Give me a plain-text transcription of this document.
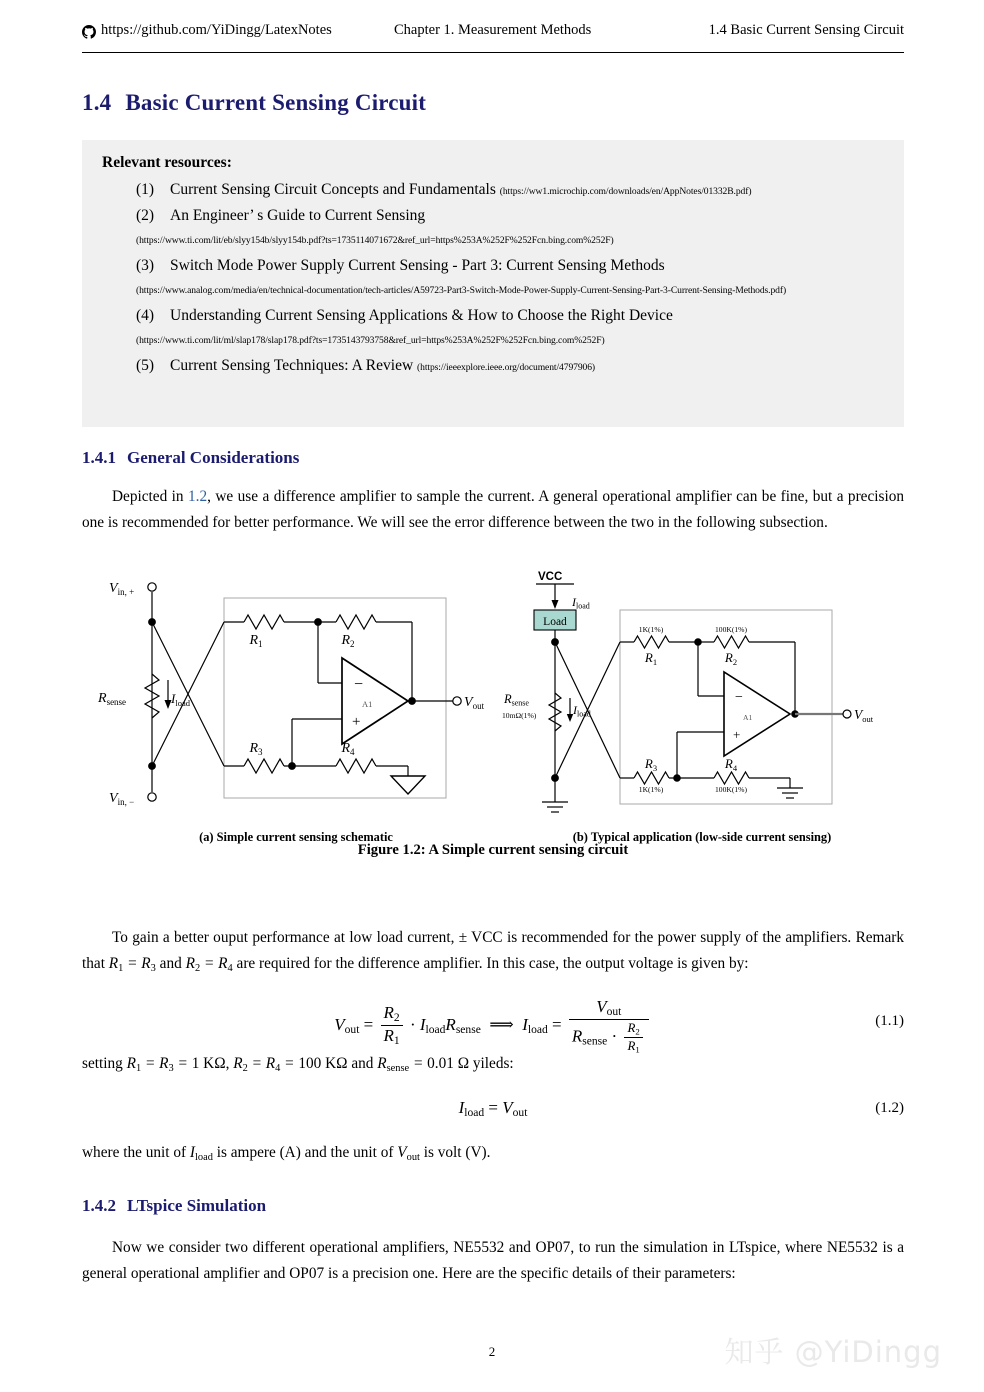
https://github.com/YiDingg/LatexNotes	Chapter 1. Measurement Methods	1.4 Basic Current Sensing Circuit
1.4 Basic Current Sensing Circuit
Relevant resources:
(1)	Current Sensing Circuit Concepts and Fundamentals (https://ww1.microchip.com/downloads/en/AppNotes/01332B.pdf)
(2)	An Engineer’ s Guide to Current Sensing
(https://www.ti.com/lit/eb/slyy154b/slyy154b.pdf?ts=1735114071672&ref_url=https%253A%252F%252Fcn.bing.com%252F)
(3)	Switch Mode Power Supply Current Sensing - Part 3: Current Sensing Methods
(https://www.analog.com/media/en/technical-documentation/tech-articles/A59723-Part3-Switch-Mode-Power-Supply-Current-Sensing-Part-3-Current-Sensing-Methods.pdf)
(4)	Understanding Current Sensing Applications & How to Choose the Right Device
(https://www.ti.com/lit/ml/slap178/slap178.pdf?ts=1735143793758&ref_url=https%253A%252F%252Fcn.bing.com%252F)
(5)	Current Sensing Techniques: A Review (https://ieeexplore.ieee.org/document/4797906)
1.4.1 General Considerations
Depicted in 1.2, we use a difference amplifier to sample the current. A general operational amplifier can be fine, but a precision one is recommended for better performance. We will see the error difference between the two in the following subsection.
$V_{in, +}$
$V_{in, -}$
$R_{sense}$	$I_{load}$
$R_1$	$R_2$
$R_3$	$R_4$
−
+
A1	$V_{out}$
(a) Simple current sensing schematic
VCC
$I_{load}$
Load
$R_{sense}$
10mΩ(1%)	$I_{load}$
1K(1%)
$R_1$
100K(1%)
$R_2$
$R_3$
1K(1%)
$R_4$
100K(1%)
−
+
A1	$V_{out}$
(b) Typical application (low-side current sensing)
Figure 1.2: A Simple current sensing circuit
To gain a better ouput performance at low load current, ± VCC is recommended for the power supply of the amplifiers. Remark that $R_1 = R_3$ and $R_2 = R_4$ are required for the difference amplifier. In this case, the output voltage is given by:
$V_{out} = \frac{R_2}{R_1} \cdot I_{load}R_{sense}$  ⟹  $I_{load} = \frac{V_{out}}{R_{sense} \cdot \frac{R_2}{R_1}}$	(1.1)
setting $R_1 = R_3 = 1$ KΩ, $R_2 = R_4 = 100$ KΩ and $R_{sense} = 0.01$ Ω yileds:
$I_{load} = V_{out}$	(1.2)
where the unit of $I_{load}$ is ampere (A) and the unit of $V_{out}$ is volt (V).
1.4.2 LTspice Simulation
Now we consider two different operational amplifiers, NE5532 and OP07, to run the simulation in LTspice, where NE5532 is a general operational amplifier and OP07 is a precision one. Here are the specific details of their parameters:
2	知乎 @YiDingg
